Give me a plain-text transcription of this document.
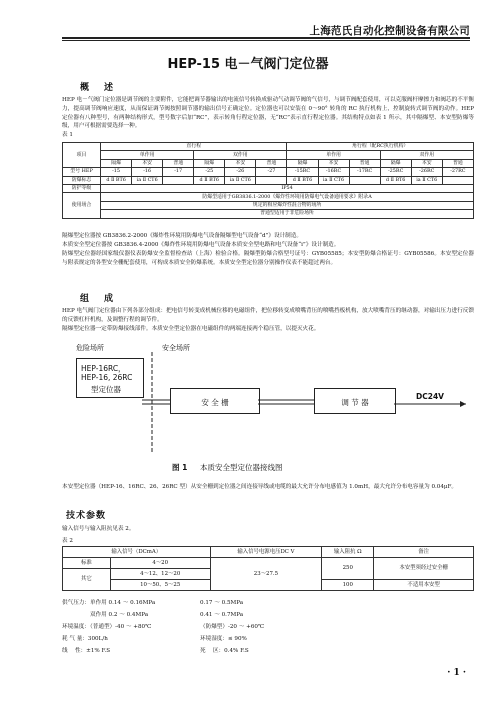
上海范氏自动化控制设备有限公司
HEP-15 电－气阀门定位器
概　述
HEP 电－气阀门定位器是调节阀的主要附件，它能把调节器输出的电流信号转换成驱动气动调节阀的气信号，与调节阀配套使用，可以克服阀杆摩擦力和阀芯的不平衡力，提高调节阀响应速度，从而保证调节阀按照调节器的输出信号正确定位。定位器也可以安装在 0～90° 转角的 RC 执行机构上，控制旋转式调节阀的动作。HEP 定位器有八种型号，有两种结构形式，型号数字后加“RC”，表示转角行程定位器，无“RC”表示直行程定位器。其结构特点如表 1 所示，其中隔爆型、本安型防爆等级，用户可根据需要选择一种。
表 1
项目	直行程						角行程（配RC执行机构）					
	单作用			双作用			单作用			双作用		
	隔爆	本安	普通	隔爆	本安	普通	隔爆	本安	普通	隔爆	本安	普通
型号 HEP	-15	-16	-17	-25	-26	-27	-15RC	-16RC	-17RC	-25RC	-26RC	-27RC
防爆标志	d Ⅱ BT6	ia Ⅱ CT6		d Ⅱ BT6	ia Ⅱ CT6		d Ⅱ BT6	ia Ⅱ CT6		d Ⅱ BT6	ia Ⅱ CT6	
防护等级	IP54											
使用场合	防爆型适用于GB3836.1-2000《爆炸性环境用防爆电气设备通用要求》附录A											
	规定的相应爆炸性混合物的场所											
	普通型适用于非危险场所											
隔爆型定位器按 GB3836.2-2000《爆炸性环境用防爆电气设备隔爆型电气设备“d”》设计制造。
本质安全型定位器按 GB3836.4-2000《爆炸性环境用防爆电气设备本质安全型电路和电气设备“i”》设计制造。
防爆型定位器经国家级仪器仪表防爆安全监督检查站（上海）检验合格。隔爆型防爆合格型号证号：GYB05585；本安型防爆合格证号：GYB05586。本安型定位器与附表规定的各型安全栅配套使用，可构成本质安全防爆系统。本质安全型定位器分别操作仪表不能超过两台。
组　成
HEP 电气阀门定位器由下列各部分组成：把电信号转变成机械位移的电磁组件，把位移转变成喷嘴背压的喷嘴挡板机构，放大喷嘴背压的继动器，对输出压力进行反馈的反馈杠杆机构，及调整行程的调节件。
隔爆型定位器一定带防爆接线部件。本质安全型定位器在电磁组件的两端连接两个稳压管，以提灭火花。
危险场所	安全场所
HEP-16RC，
HEP-16, 26RC
型定位器
安 全 栅	调 节 器
DC24V
图 1 本质安全型定位器接线图
本安型定位器（HEP-16、16RC、26、26RC 型）从安全栅到定位器之间连接导线或电缆的最大允许分布电感值为 1.0mH，最大允许分布电容量为 0.04μF。
技术参数
输入信号与输入阻抗见表 2。
表 2
输入信号（DCmA）		输入信号电源电压DC V	输入阻抗 Ω	备注
标准	4～20	23～27.5	250	本安型须经过安全栅
其它	4～12、12～20			
	10～50、5～25		100	不适用本安型
供气压力：单作用 0.14 ～ 0.16MPa	0.17 ～ 0.5MPa
　　　　　双作用 0.2 ～ 0.4MPa	0.41 ～ 0.7MPa
环境温度：（普通型）-40 ～ +80℃	（防爆型）-20 ～ +60℃
耗 气 量：300L/h	环境湿度：≤ 90%
线　 性：±1% F.S	死　 区：0.4% F.S
· 1 ·
